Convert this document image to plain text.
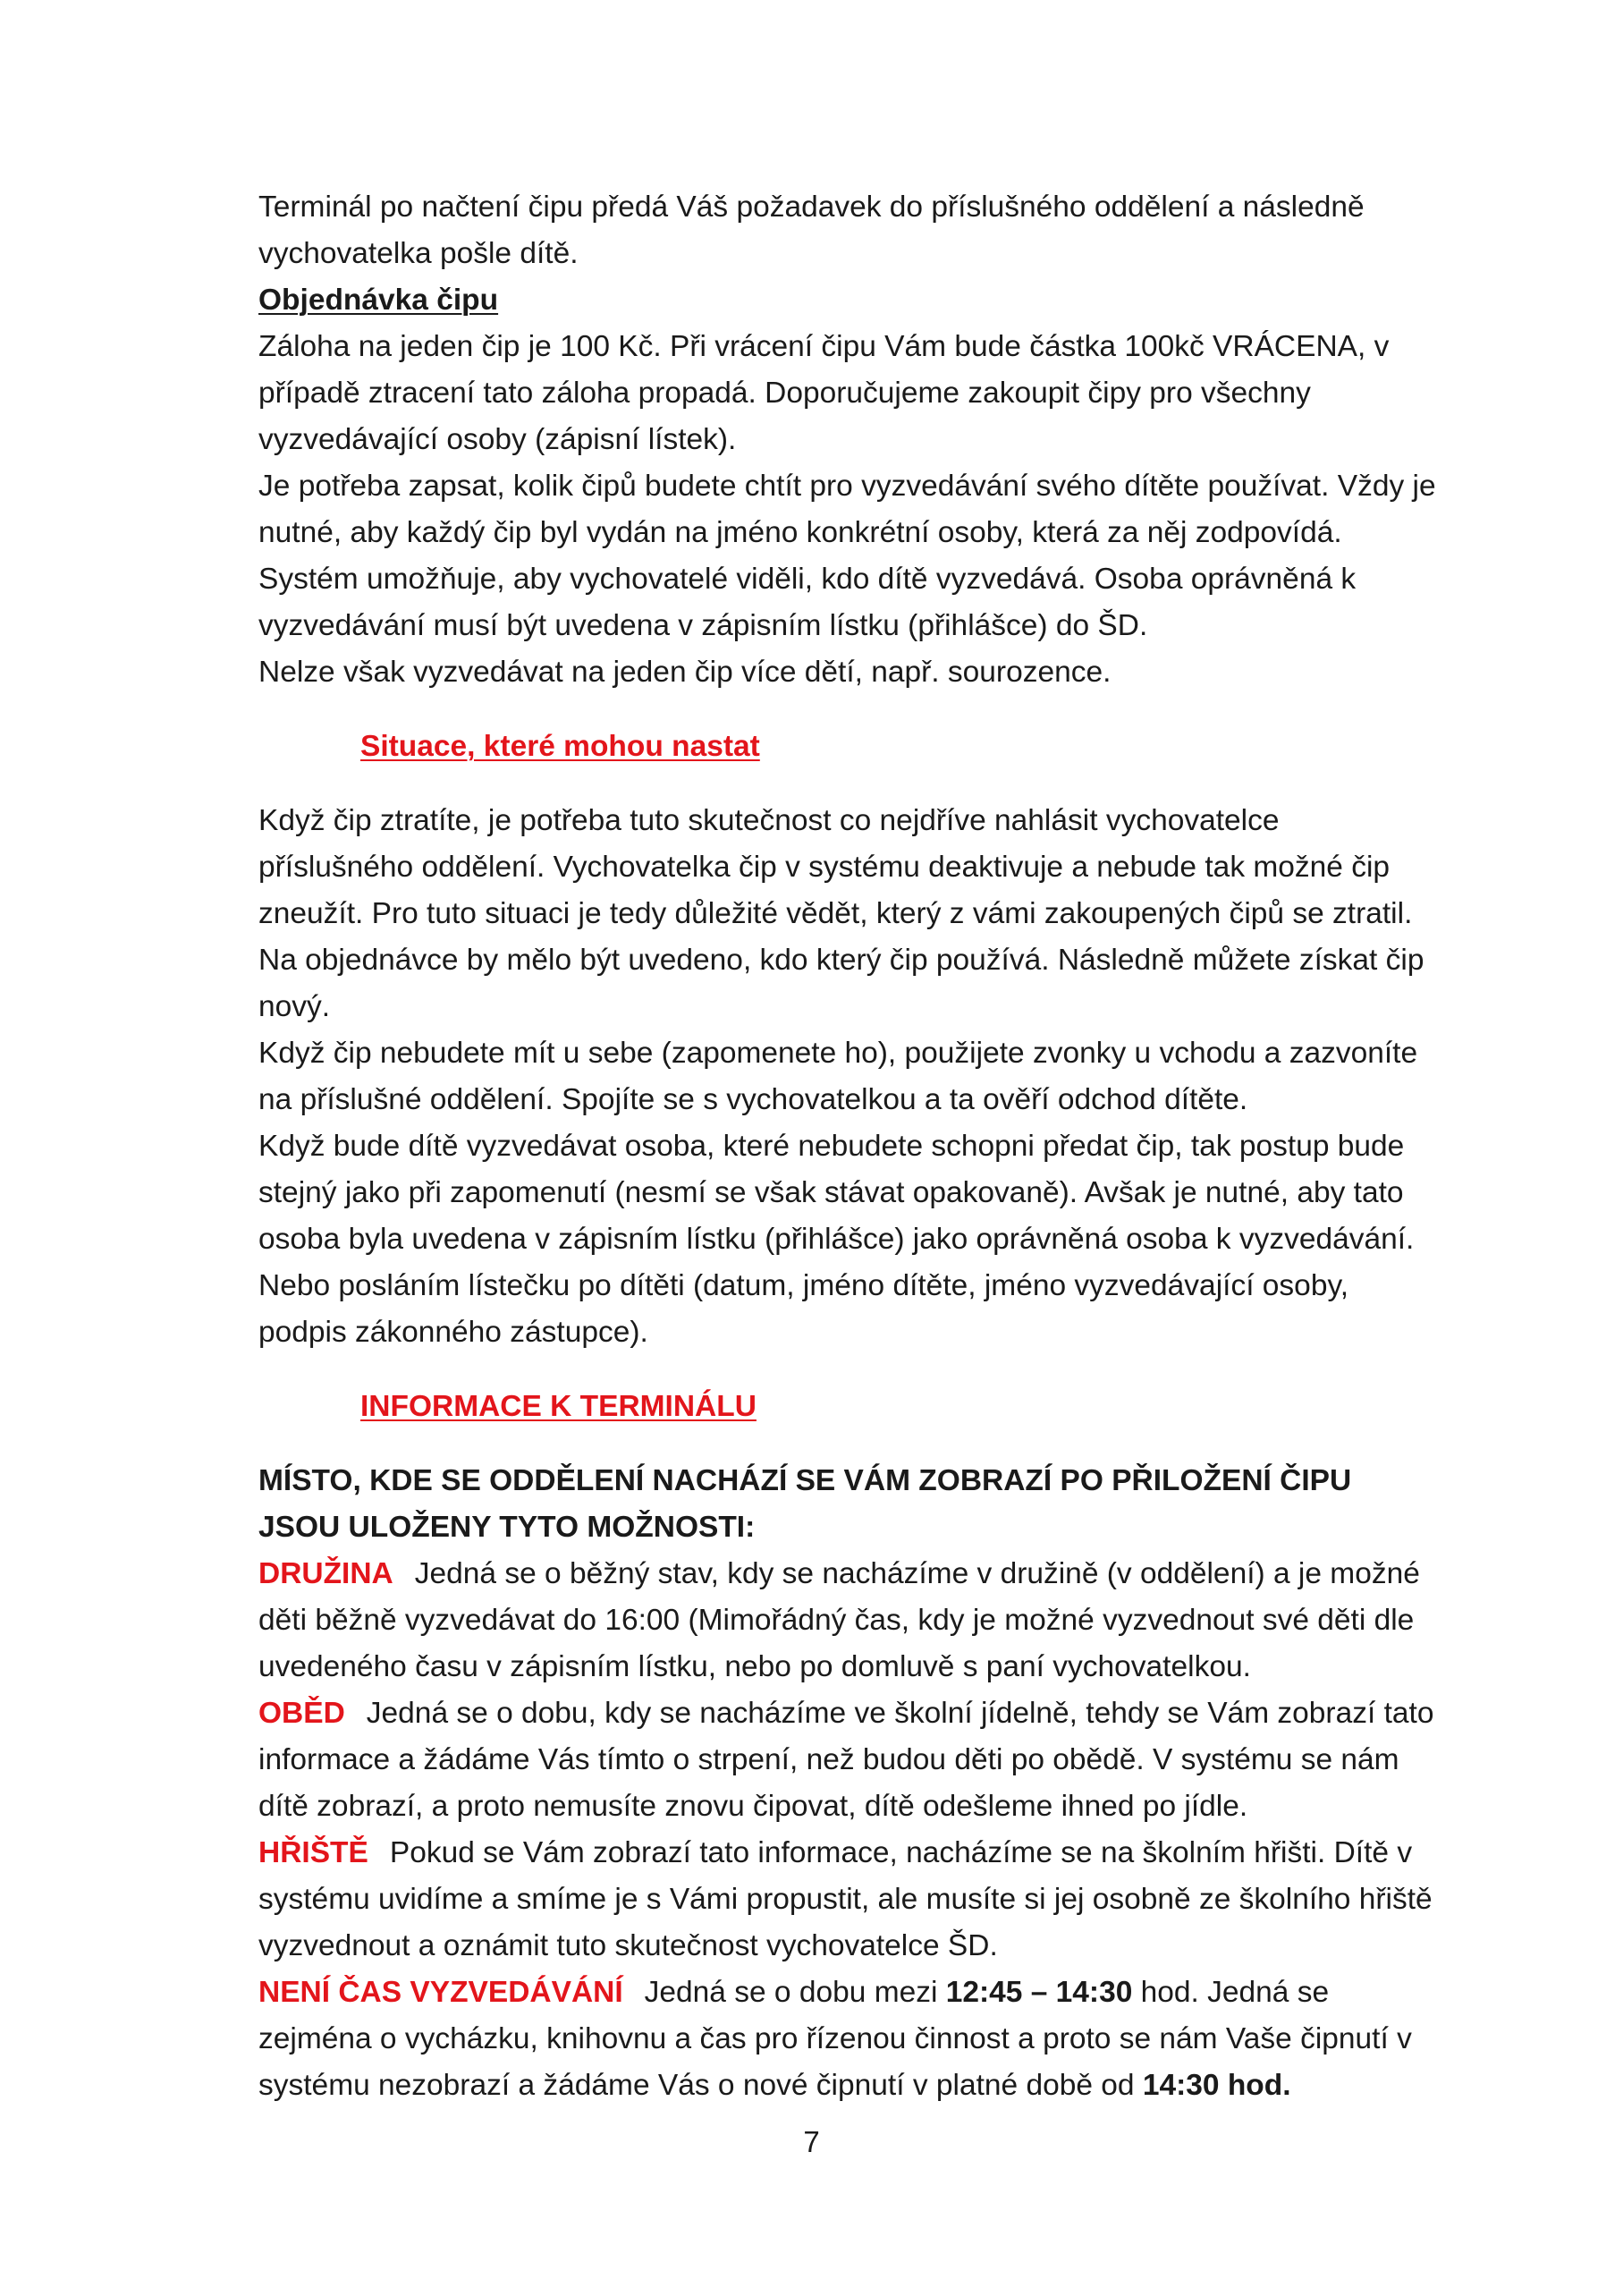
Terminál po načtení čipu předá Váš požadavek do příslušného oddělení a následně vychovatelka pošle dítě.

Objednávka čipu

Záloha na jeden čip je 100 Kč. Při vrácení čipu Vám bude částka 100kč VRÁCENA, v případě ztracení tato záloha propadá. Doporučujeme zakoupit čipy pro všechny vyzvedávající osoby (zápisní lístek).

Je potřeba zapsat, kolik čipů budete chtít pro vyzvedávání svého dítěte používat. Vždy je nutné, aby každý čip byl vydán na jméno konkrétní osoby, která za něj zodpovídá. Systém umožňuje, aby vychovatelé viděli, kdo dítě vyzvedává. Osoba oprávněná k vyzvedávání musí být uvedena v zápisním lístku (přihlášce) do ŠD.

Nelze však vyzvedávat na jeden čip více dětí, např. sourozence.

Situace, které mohou nastat

Když čip ztratíte, je potřeba tuto skutečnost co nejdříve nahlásit vychovatelce příslušného oddělení. Vychovatelka čip v systému deaktivuje a nebude tak možné čip zneužít. Pro tuto situaci je tedy důležité vědět, který z vámi zakoupených čipů se ztratil. Na objednávce by mělo být uvedeno, kdo který čip používá. Následně můžete získat čip nový.

Když čip nebudete mít u sebe (zapomenete ho), použijete zvonky u vchodu a zazvoníte na příslušné oddělení. Spojíte se s vychovatelkou a ta ověří odchod dítěte.

Když bude dítě vyzvedávat osoba, které nebudete schopni předat čip, tak postup bude stejný jako při zapomenutí (nesmí se však stávat opakovaně). Avšak je nutné, aby tato osoba byla uvedena v zápisním lístku (přihlášce) jako oprávněná osoba k vyzvedávání. Nebo posláním lístečku po dítěti (datum, jméno dítěte, jméno vyzvedávající osoby, podpis zákonného zástupce).

INFORMACE K TERMINÁLU

MÍSTO, KDE SE ODDĚLENÍ NACHÁZÍ SE VÁM ZOBRAZÍ PO PŘILOŽENÍ ČIPU JSOU ULOŽENY TYTO MOŽNOSTI:

DRUŽINA Jedná se o běžný stav, kdy se nacházíme v družině (v oddělení) a je možné děti běžně vyzvedávat do 16:00 (Mimořádný čas, kdy je možné vyzvednout své děti dle uvedeného času v zápisním lístku, nebo po domluvě s paní vychovatelkou.

OBĚD Jedná se o dobu, kdy se nacházíme ve školní jídelně, tehdy se Vám zobrazí tato informace a žádáme Vás tímto o strpení, než budou děti po obědě. V systému se nám dítě zobrazí, a proto nemusíte znovu čipovat, dítě odešleme ihned po jídle.

HŘIŠTĚ Pokud se Vám zobrazí tato informace, nacházíme se na školním hřišti. Dítě v systému uvidíme a smíme je s Vámi propustit, ale musíte si jej osobně ze školního hřiště vyzvednout a oznámit tuto skutečnost vychovatelce ŠD.

NENÍ ČAS VYZVEDÁVÁNÍ Jedná se o dobu mezi 12:45 – 14:30 hod. Jedná se zejména o vycházku, knihovnu a čas pro řízenou činnost a proto se nám Vaše čipnutí v systému nezobrazí a žádáme Vás o nové čipnutí v platné době od 14:30 hod.

7
